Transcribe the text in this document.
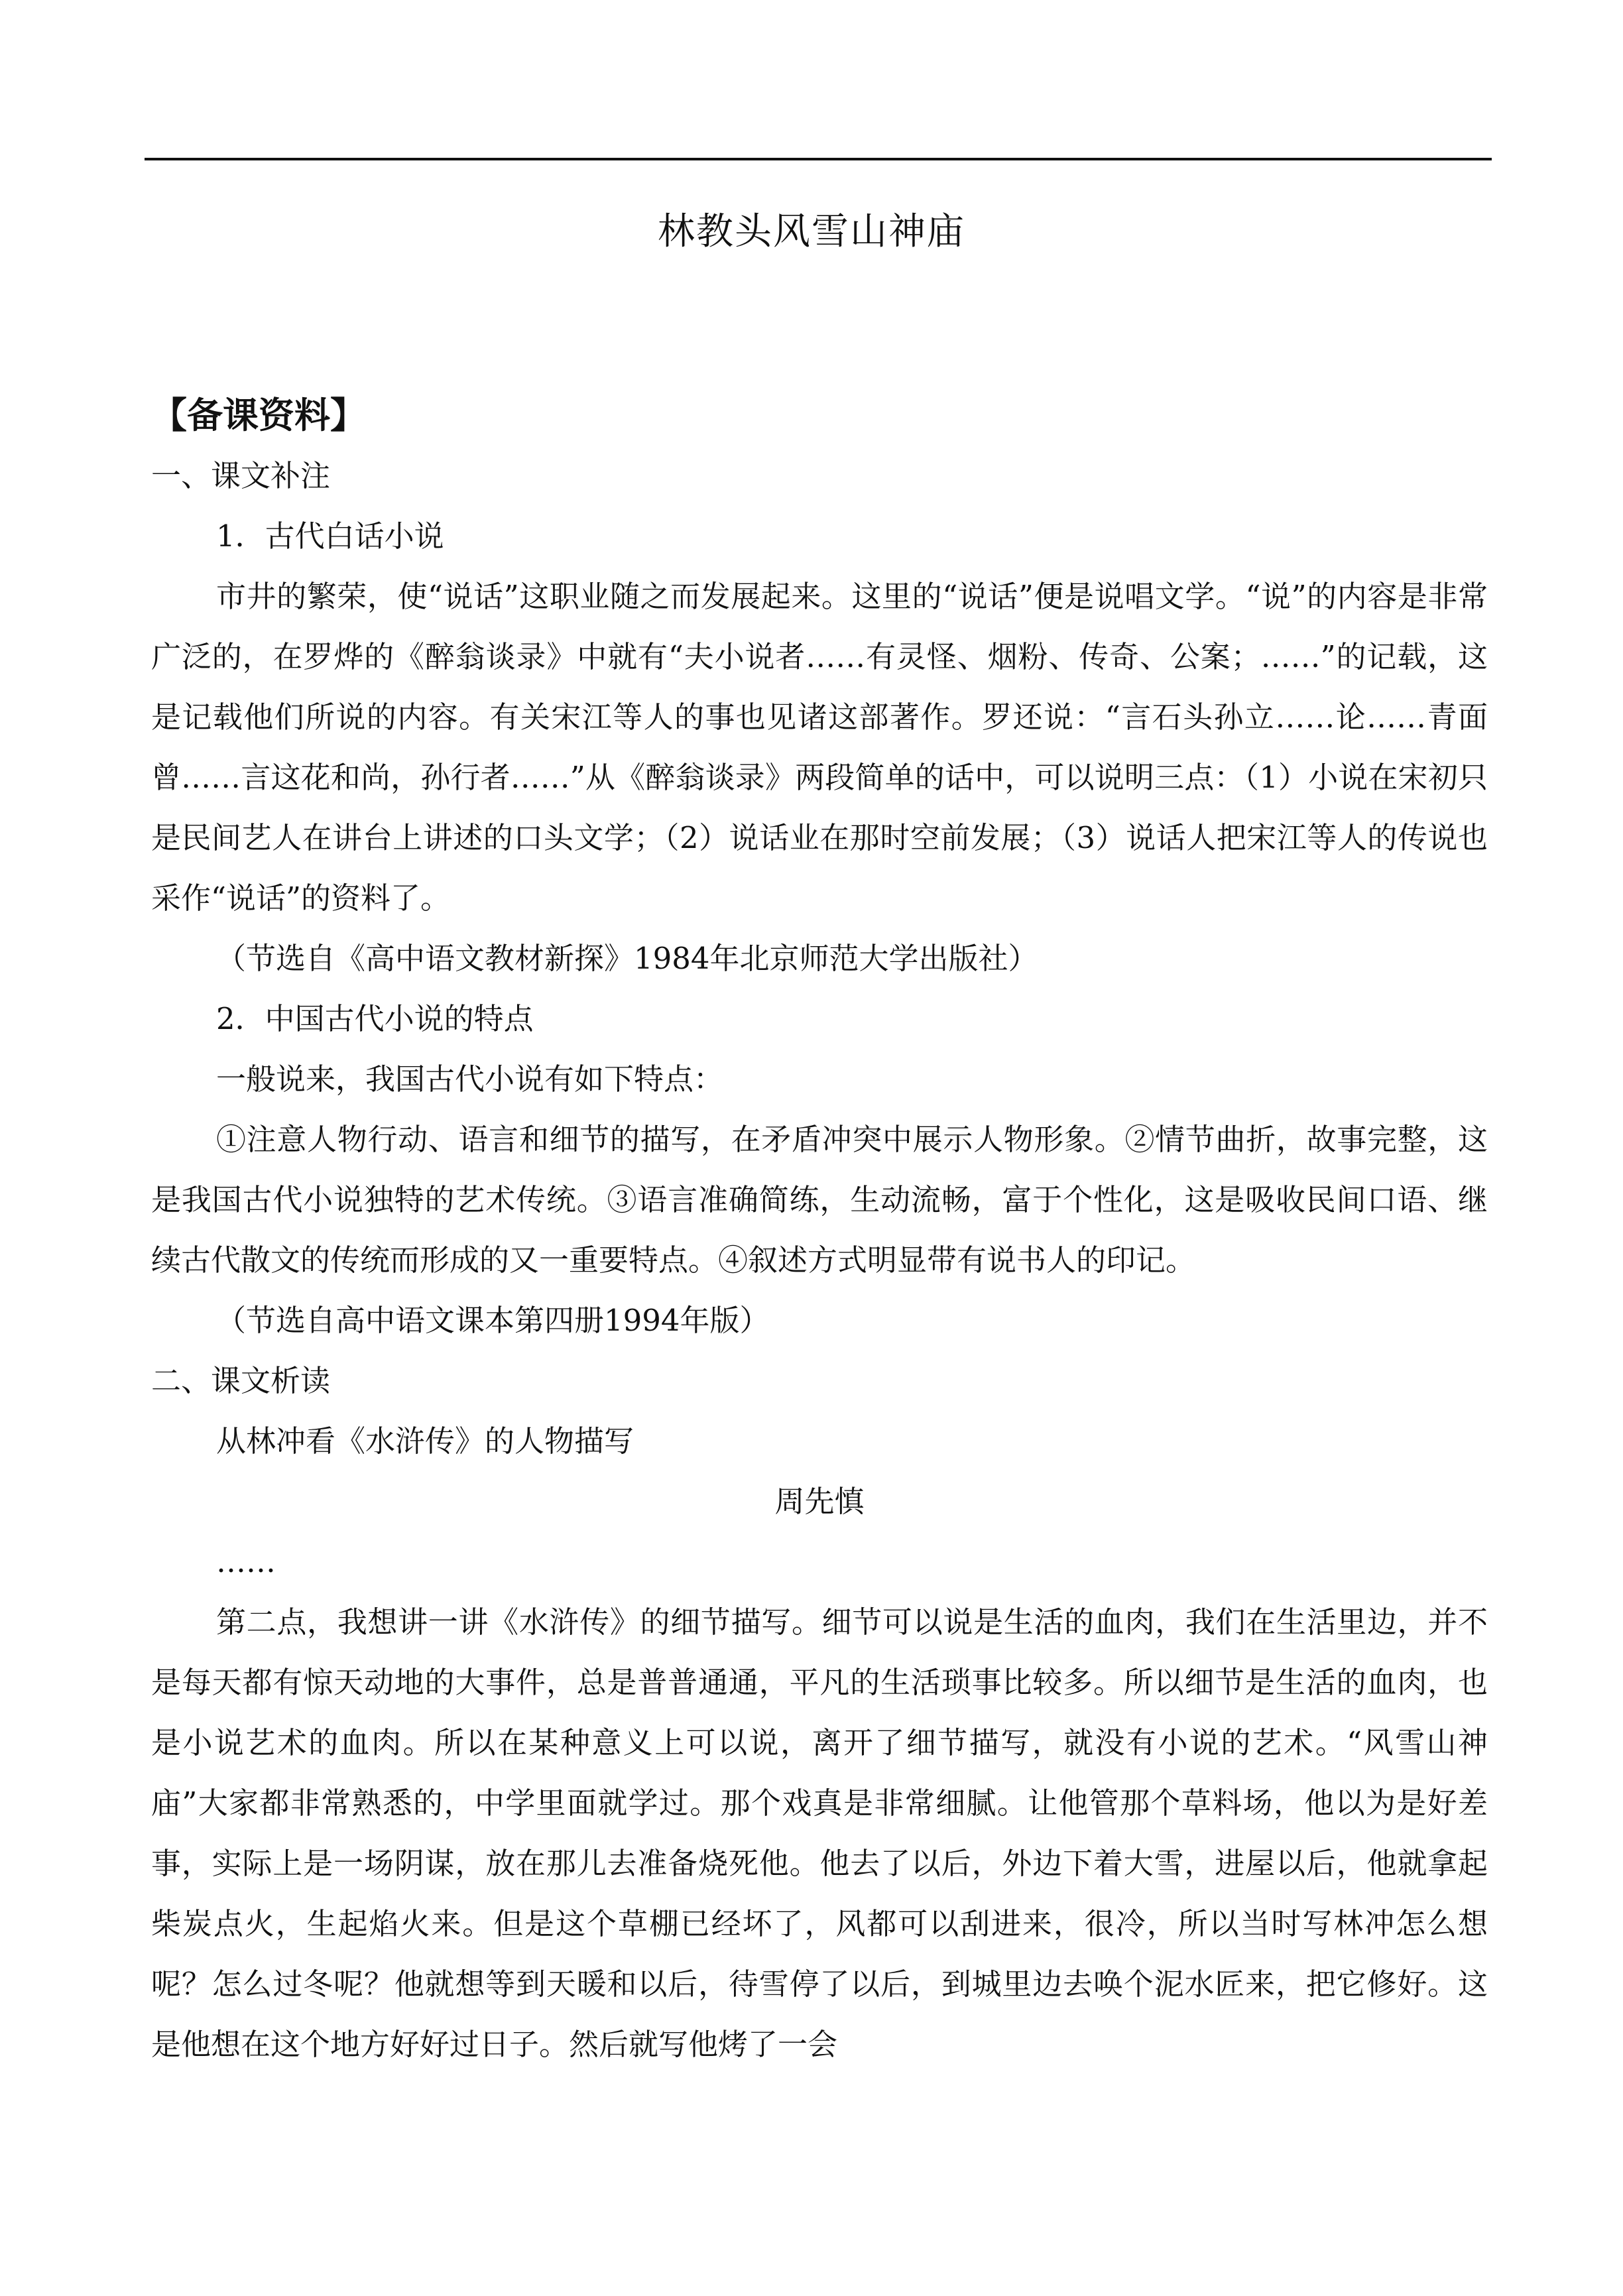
林教头风雪山神庙

【备课资料】

一、课文补注

1．古代白话小说

市井的繁荣，使“说话”这职业随之而发展起来。这里的“说话”便是说唱文学。“说”的内容是非常广泛的，在罗烨的《醉翁谈录》中就有“夫小说者……有灵怪、烟粉、传奇、公案；……”的记载，这是记载他们所说的内容。有关宋江等人的事也见诸这部著作。罗还说：“言石头孙立……论……青面曾……言这花和尚，孙行者……”从《醉翁谈录》两段简单的话中，可以说明三点：（1）小说在宋初只是民间艺人在讲台上讲述的口头文学；（2）说话业在那时空前发展；（3）说话人把宋江等人的传说也采作“说话”的资料了。

（节选自《高中语文教材新探》1984年北京师范大学出版社）

2．中国古代小说的特点

一般说来，我国古代小说有如下特点：

①注意人物行动、语言和细节的描写，在矛盾冲突中展示人物形象。②情节曲折，故事完整，这是我国古代小说独特的艺术传统。③语言准确简练，生动流畅，富于个性化，这是吸收民间口语、继续古代散文的传统而形成的又一重要特点。④叙述方式明显带有说书人的印记。

（节选自高中语文课本第四册1994年版）

二、课文析读

从林冲看《水浒传》的人物描写

周先慎

……

第二点，我想讲一讲《水浒传》的细节描写。细节可以说是生活的血肉，我们在生活里边，并不是每天都有惊天动地的大事件，总是普普通通，平凡的生活琐事比较多。所以细节是生活的血肉，也是小说艺术的血肉。所以在某种意义上可以说，离开了细节描写，就没有小说的艺术。“风雪山神庙”大家都非常熟悉的，中学里面就学过。那个戏真是非常细腻。让他管那个草料场，他以为是好差事，实际上是一场阴谋，放在那儿去准备烧死他。他去了以后，外边下着大雪，进屋以后，他就拿起柴炭点火，生起焰火来。但是这个草棚已经坏了，风都可以刮进来，很冷，所以当时写林冲怎么想呢？怎么过冬呢？他就想等到天暖和以后，待雪停了以后，到城里边去唤个泥水匠来，把它修好。这是他想在这个地方好好过日子。然后就写他烤了一会
